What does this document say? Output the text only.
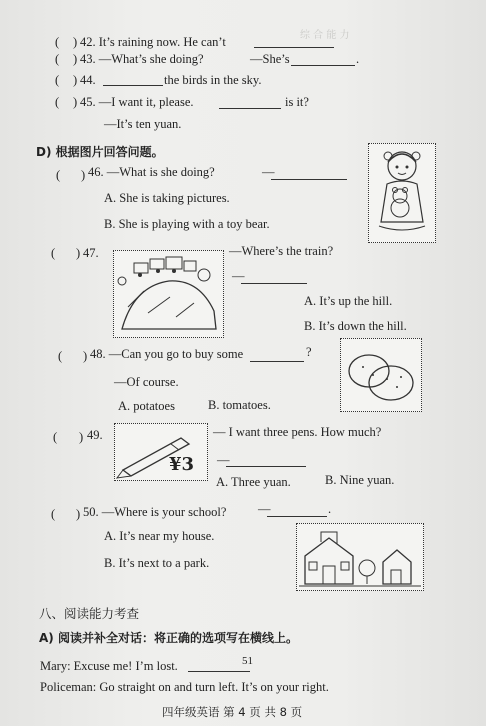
综 合 能 力
( ) 42. It’s raining now. He can’t
( ) 43. —What’s she doing?	—She’s	.
( ) 44.	the birds in the sky.
( ) 45. —I want it, please.	is it?
—It’s ten yuan.
D) 根据图片回答问题。
( ) 46. —What is she doing?	—
A. She is taking pictures.
B. She is playing with a toy bear.
( ) 47.	—Where’s the train?
—
A. It’s up the hill.
B. It’s down the hill.
( ) 48. —Can you go to buy some	?
—Of course.
A. potatoes	B. tomatoes.
( ) 49.
¥3
— I want three pens. How much?
—
A. Three yuan.	B. Nine yuan.
( ) 50. —Where is your school?	—	.
A. It’s near my house.
B. It’s next to a park.
八、阅读能力考查
A) 阅读并补全对话：将正确的选项写在横线上。
Mary: Excuse me! I’m lost.	51
Policeman: Go straight on and turn left. It’s on your right.
四年级英语 第 4 页 共 8 页
